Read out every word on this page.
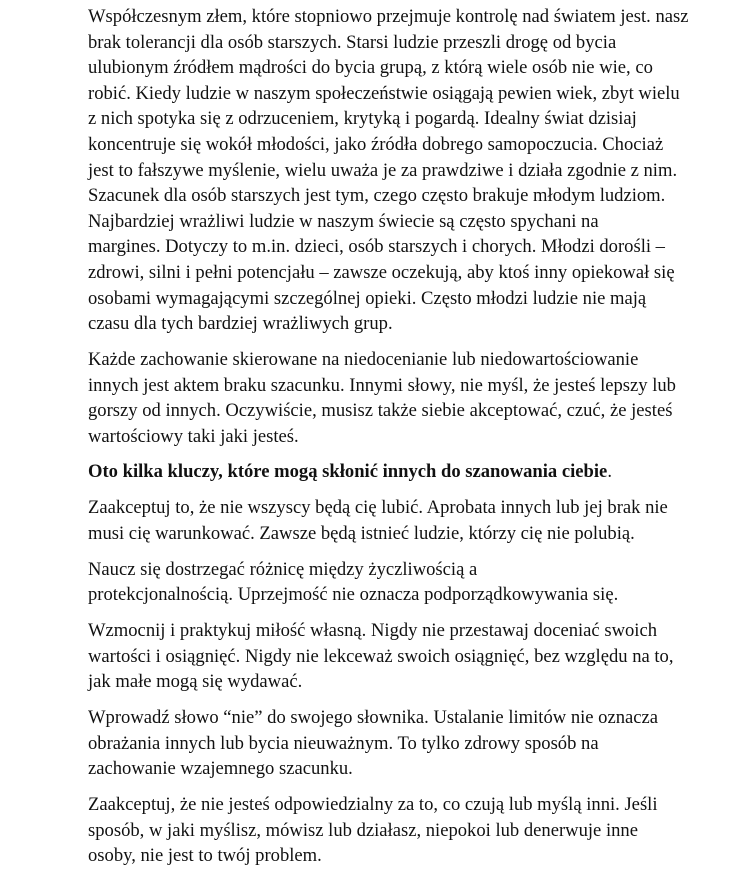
Współczesnym złem, które stopniowo przejmuje kontrolę nad światem jest. nasz
brak tolerancji dla osób starszych. Starsi ludzie przeszli drogę od bycia
ulubionym źródłem mądrości do bycia grupą, z którą wiele osób nie wie, co
robić. Kiedy ludzie w naszym społeczeństwie osiągają pewien wiek, zbyt wielu
z nich spotyka się z odrzuceniem, krytyką i pogardą. Idealny świat dzisiaj
koncentruje się wokół młodości, jako źródła dobrego samopoczucia. Chociaż
jest to fałszywe myślenie, wielu uważa je za prawdziwe i działa zgodnie z nim.
Szacunek dla osób starszych jest tym, czego często brakuje młodym ludziom.
Najbardziej wrażliwi ludzie w naszym świecie są często spychani na
margines. Dotyczy to m.in. dzieci, osób starszych i chorych. Młodzi dorośli –
zdrowi, silni i pełni potencjału – zawsze oczekują, aby ktoś inny opiekował się
osobami wymagającymi szczególnej opieki. Często młodzi ludzie nie mają
czasu dla tych bardziej wrażliwych grup.

Każde zachowanie skierowane na niedocenianie lub niedowartościowanie
innych jest aktem braku szacunku. Innymi słowy, nie myśl, że jesteś lepszy lub
gorszy od innych. Oczywiście, musisz także siebie akceptować, czuć, że jesteś
wartościowy taki jaki jesteś.

Oto kilka kluczy, które mogą skłonić innych do szanowania ciebie.

Zaakceptuj to, że nie wszyscy będą cię lubić. Aprobata innych lub jej brak nie
musi cię warunkować. Zawsze będą istnieć ludzie, którzy cię nie polubią.

Naucz się dostrzegać różnicę między życzliwością a
protekcjonalnością. Uprzejmość nie oznacza podporządkowywania się.

Wzmocnij i praktykuj miłość własną. Nigdy nie przestawaj doceniać swoich
wartości i osiągnięć. Nigdy nie lekceważ swoich osiągnięć, bez względu na to,
jak małe mogą się wydawać.

Wprowadź słowo “nie” do swojego słownika. Ustalanie limitów nie oznacza
obrażania innych lub bycia nieuważnym. To tylko zdrowy sposób na
zachowanie wzajemnego szacunku.

Zaakceptuj, że nie jesteś odpowiedzialny za to, co czują lub myślą inni. Jeśli
sposób, w jaki myślisz, mówisz lub działasz, niepokoi lub denerwuje inne
osoby, nie jest to twój problem.
